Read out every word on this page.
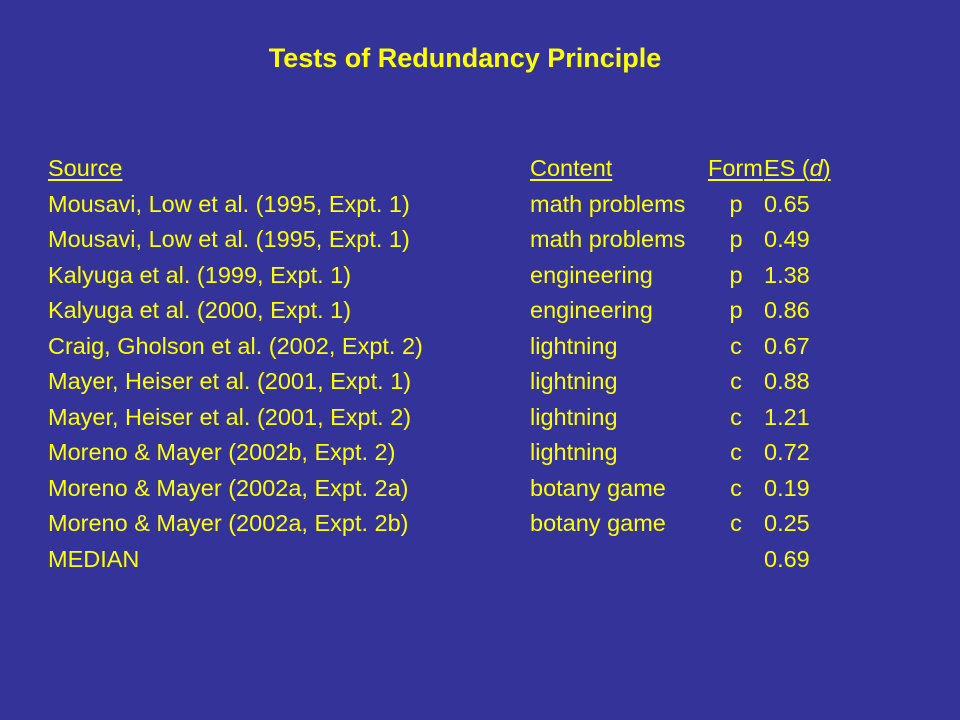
Tests of Redundancy Principle
Source	Content	Form	ES (d)
Mousavi, Low et al. (1995, Expt. 1)	math problems	p	0.65
Mousavi, Low et al. (1995, Expt. 1)	math problems	p	0.49
Kalyuga et al. (1999, Expt. 1)	engineering	p	1.38
Kalyuga et al. (2000, Expt. 1)	engineering	p	0.86
Craig, Gholson et al. (2002, Expt. 2)	lightning	c	0.67
Mayer, Heiser et al. (2001, Expt. 1)	lightning	c	0.88
Mayer, Heiser et al. (2001, Expt. 2)	lightning	c	1.21
Moreno & Mayer (2002b, Expt. 2)	lightning	c	0.72
Moreno & Mayer (2002a, Expt. 2a)	botany game	c	0.19
Moreno & Mayer (2002a, Expt. 2b)	botany game	c	0.25
MEDIAN			0.69
